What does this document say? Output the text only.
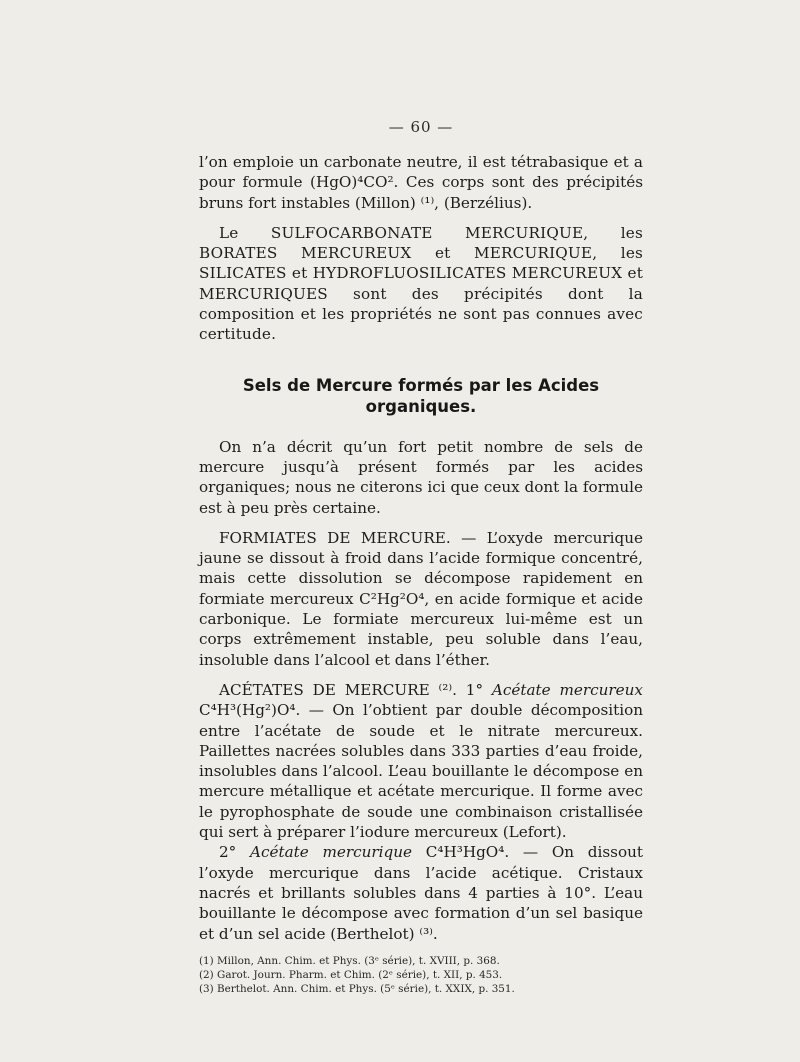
— 60 —

l’on emploie un carbonate neutre, il est tétrabasique et a pour formule (HgO)⁴CO². Ces corps sont des précipités bruns fort instables (Millon) ⁽¹⁾, (Berzélius).

Le SULFOCARBONATE MERCURIQUE, les BORATES MERCUREUX et MERCURIQUE, les SILICATES et HYDROFLUOSILICATES MERCUREUX et MERCURIQUES sont des précipités dont la composition et les propriétés ne sont pas connues avec certitude.

Sels de Mercure formés par les Acides organiques.

On n’a décrit qu’un fort petit nombre de sels de mercure jusqu’à présent formés par les acides organiques; nous ne citerons ici que ceux dont la formule est à peu près certaine.

FORMIATES DE MERCURE. — L’oxyde mercurique jaune se dissout à froid dans l’acide formique concentré, mais cette dissolution se décompose rapidement en formiate mercureux C²Hg²O⁴, en acide formique et acide carbonique. Le formiate mercureux lui-même est un corps extrêmement instable, peu soluble dans l’eau, insoluble dans l’alcool et dans l’éther.

ACÉTATES DE MERCURE ⁽²⁾. 1° Acétate mercureux C⁴H³(Hg²)O⁴. — On l’obtient par double décomposition entre l’acétate de soude et le nitrate mercureux. Paillettes nacrées solubles dans 333 parties d’eau froide, insolubles dans l’alcool. L’eau bouillante le décompose en mercure métallique et acétate mercurique. Il forme avec le pyrophosphate de soude une combinaison cristallisée qui sert à préparer l’iodure mercureux (Lefort).

2° Acétate mercurique C⁴H³HgO⁴. — On dissout l’oxyde mercurique dans l’acide acétique. Cristaux nacrés et brillants solubles dans 4 parties à 10°. L’eau bouillante le décompose avec formation d’un sel basique et d’un sel acide (Berthelot) ⁽³⁾.

(1) Millon, Ann. Chim. et Phys. (3ᵉ série), t. XVIII, p. 368.
(2) Garot. Journ. Pharm. et Chim. (2ᵉ série), t. XII, p. 453.
(3) Berthelot. Ann. Chim. et Phys. (5ᵉ série), t. XXIX, p. 351.
